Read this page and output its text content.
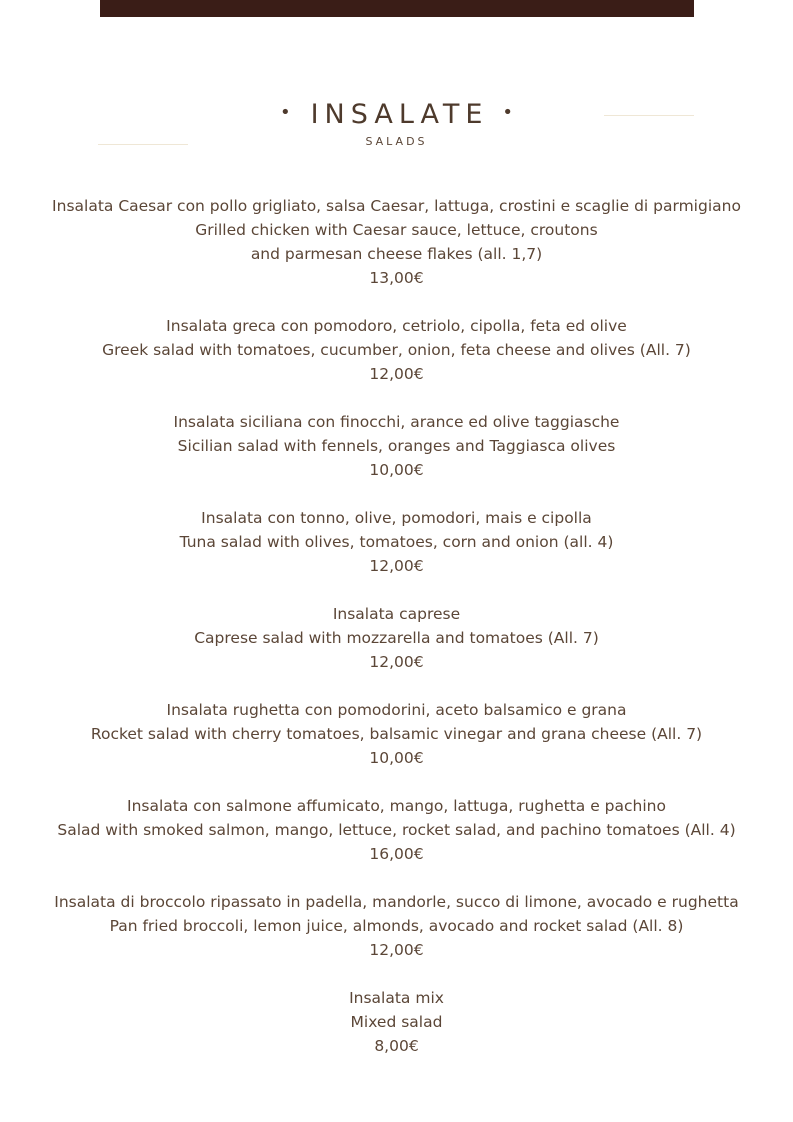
• INSALATE •
SALADS
Insalata Caesar con pollo grigliato, salsa Caesar, lattuga, crostini e scaglie di parmigiano
Grilled chicken with Caesar sauce, lettuce, croutons
and parmesan cheese flakes (all. 1,7)
13,00€
Insalata greca con pomodoro, cetriolo, cipolla, feta ed olive
Greek salad with tomatoes, cucumber, onion, feta cheese and olives (All. 7)
12,00€
Insalata siciliana con finocchi, arance ed olive taggiasche
Sicilian salad with fennels, oranges and Taggiasca olives
10,00€
Insalata con tonno, olive, pomodori, mais e cipolla
Tuna salad with olives, tomatoes, corn and onion (all. 4)
12,00€
Insalata caprese
Caprese salad with mozzarella and tomatoes (All. 7)
12,00€
Insalata rughetta con pomodorini, aceto balsamico e grana
Rocket salad with cherry tomatoes, balsamic vinegar and grana cheese (All. 7)
10,00€
Insalata con salmone affumicato, mango, lattuga, rughetta e pachino
Salad with smoked salmon, mango, lettuce, rocket salad, and pachino tomatoes (All. 4)
16,00€
Insalata di broccolo ripassato in padella, mandorle, succo di limone, avocado e rughetta
Pan fried broccoli, lemon juice, almonds, avocado and rocket salad (All. 8)
12,00€
Insalata mix
Mixed salad
8,00€
